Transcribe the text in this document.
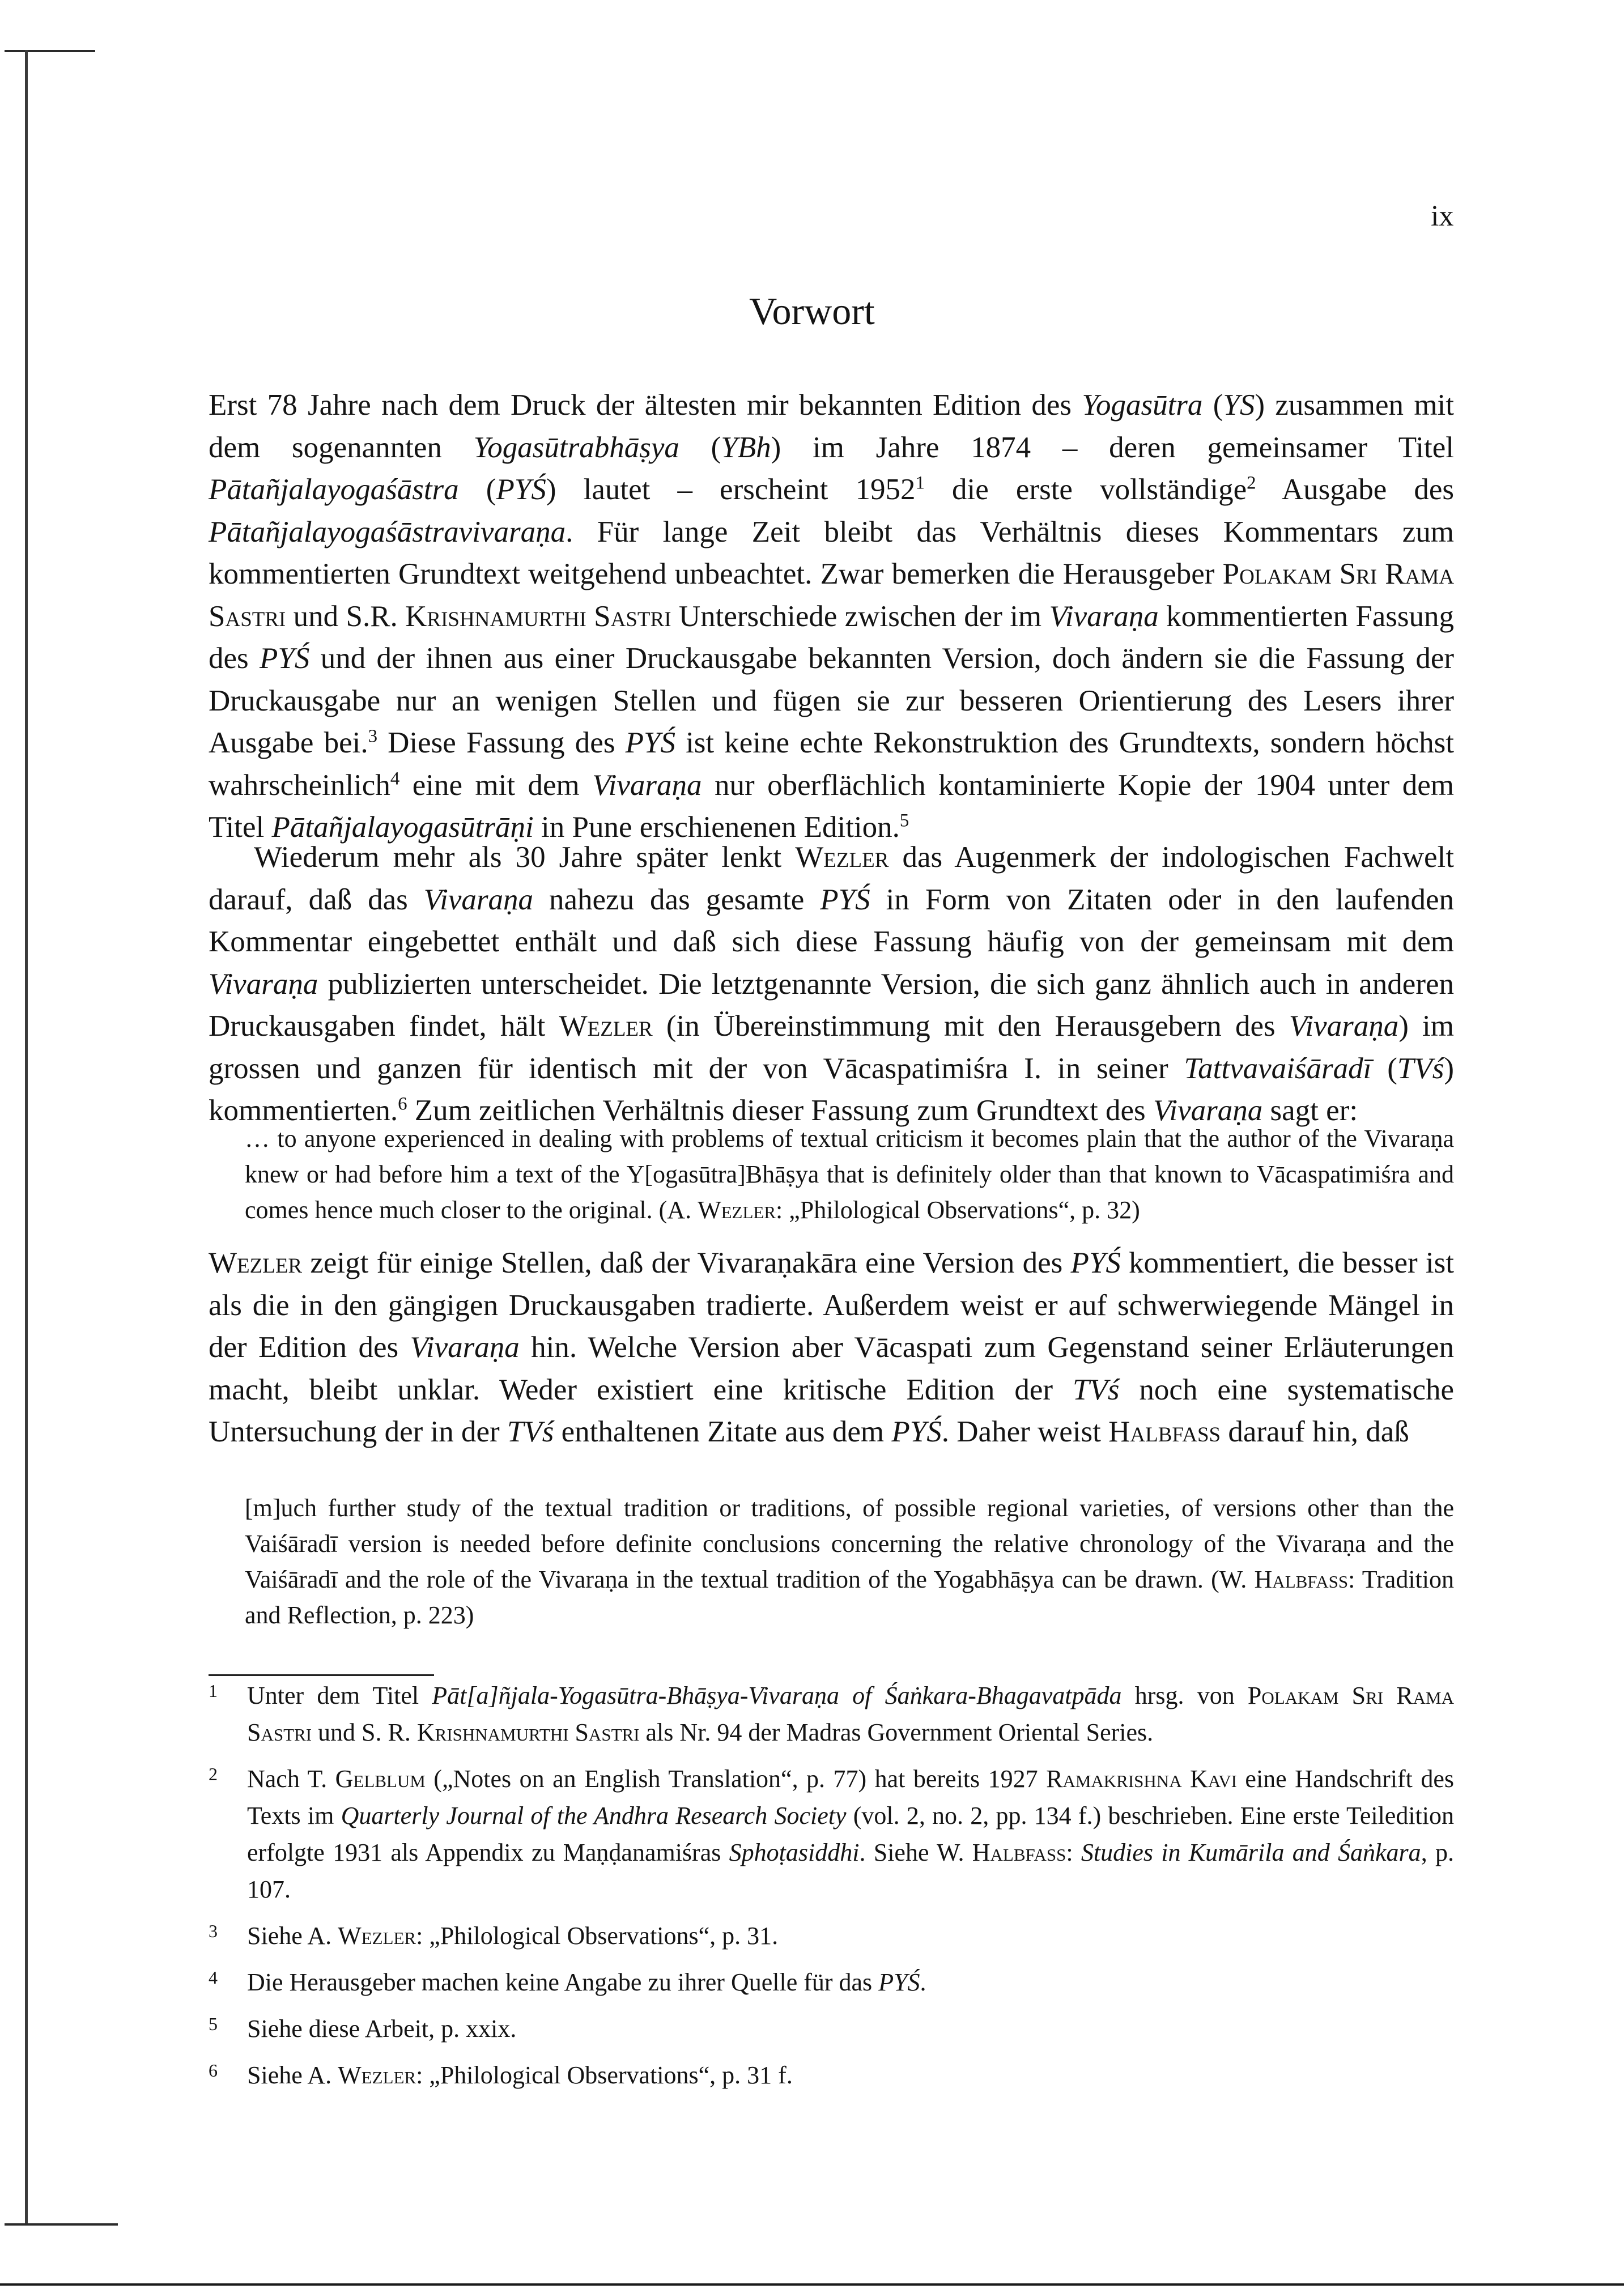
ix
Vorwort

Erst 78 Jahre nach dem Druck der ältesten mir bekannten Edition des Yogasūtra (YS) zusammen mit dem sogenannten Yogasūtrabhāṣya (YBh) im Jahre 1874 – deren gemeinsamer Titel Pātañjalayogaśāstra (PYŚ) lautet – erscheint 1952$^1$ die erste vollständige$^2$ Ausgabe des Pātañjalayogaśāstravivaraṇa. Für lange Zeit bleibt das Verhältnis dieses Kommentars zum kommentierten Grundtext weitgehend unbeachtet. Zwar bemerken die Herausgeber Polakam Sri Rama Sastri und S.R. Krishnamurthi Sastri Unterschiede zwischen der im Vivaraṇa kommentierten Fassung des PYŚ und der ihnen aus einer Druckausgabe bekannten Version, doch ändern sie die Fassung der Druckausgabe nur an wenigen Stellen und fügen sie zur besseren Orientierung des Lesers ihrer Ausgabe bei.$^3$ Diese Fassung des PYŚ ist keine echte Rekonstruktion des Grundtexts, sondern höchst wahrscheinlich$^4$ eine mit dem Vivaraṇa nur oberflächlich kontaminierte Kopie der 1904 unter dem Titel Pātañjalayogasūtrāṇi in Pune erschienenen Edition.$^5$

Wiederum mehr als 30 Jahre später lenkt Wezler das Augenmerk der indologischen Fachwelt darauf, daß das Vivaraṇa nahezu das gesamte PYŚ in Form von Zitaten oder in den laufenden Kommentar eingebettet enthält und daß sich diese Fassung häufig von der gemeinsam mit dem Vivaraṇa publizierten unterscheidet. Die letztgenannte Version, die sich ganz ähnlich auch in anderen Druckausgaben findet, hält Wezler (in Übereinstimmung mit den Herausgebern des Vivaraṇa) im grossen und ganzen für identisch mit der von Vācaspatimiśra I. in seiner Tattvavaiśāradī (TVś) kommentierten.$^6$ Zum zeitlichen Verhältnis dieser Fassung zum Grundtext des Vivaraṇa sagt er:

… to anyone experienced in dealing with problems of textual criticism it becomes plain that the author of the Vivaraṇa knew or had before him a text of the Y[ogasūtra]Bhāṣya that is definitely older than that known to Vācaspatimiśra and comes hence much closer to the original. (A. Wezler: „Philological Observations“, p. 32)

Wezler zeigt für einige Stellen, daß der Vivaraṇakāra eine Version des PYŚ kommentiert, die besser ist als die in den gängigen Druckausgaben tradierte. Außerdem weist er auf schwerwiegende Mängel in der Edition des Vivaraṇa hin. Welche Version aber Vācaspati zum Gegenstand seiner Erläuterungen macht, bleibt unklar. Weder existiert eine kritische Edition der TVś noch eine systematische Untersuchung der in der TVś enthaltenen Zitate aus dem PYŚ. Daher weist Halbfass darauf hin, daß

[m]uch further study of the textual tradition or traditions, of possible regional varieties, of versions other than the Vaiśāradī version is needed before definite conclusions concerning the relative chronology of the Vivaraṇa and the Vaiśāradī and the role of the Vivaraṇa in the textual tradition of the Yogabhāṣya can be drawn. (W. Halbfass: Tradition and Reflection, p. 223)

1 Unter dem Titel Pāt[a]ñjala-Yogasūtra-Bhāṣya-Vivaraṇa of Śaṅkara-Bhagavatpāda hrsg. von Polakam Sri Rama Sastri und S. R. Krishnamurthi Sastri als Nr. 94 der Madras Government Oriental Series.
2 Nach T. Gelblum („Notes on an English Translation“, p. 77) hat bereits 1927 Ramakrishna Kavi eine Handschrift des Texts im Quarterly Journal of the Andhra Research Society (vol. 2, no. 2, pp. 134 f.) beschrieben. Eine erste Teiledition erfolgte 1931 als Appendix zu Maṇḍanamiśras Sphoṭasiddhi. Siehe W. Halbfass: Studies in Kumārila and Śaṅkara, p. 107.
3 Siehe A. Wezler: „Philological Observations“, p. 31.
4 Die Herausgeber machen keine Angabe zu ihrer Quelle für das PYŚ.
5 Siehe diese Arbeit, p. xxix.
6 Siehe A. Wezler: „Philological Observations“, p. 31 f.
